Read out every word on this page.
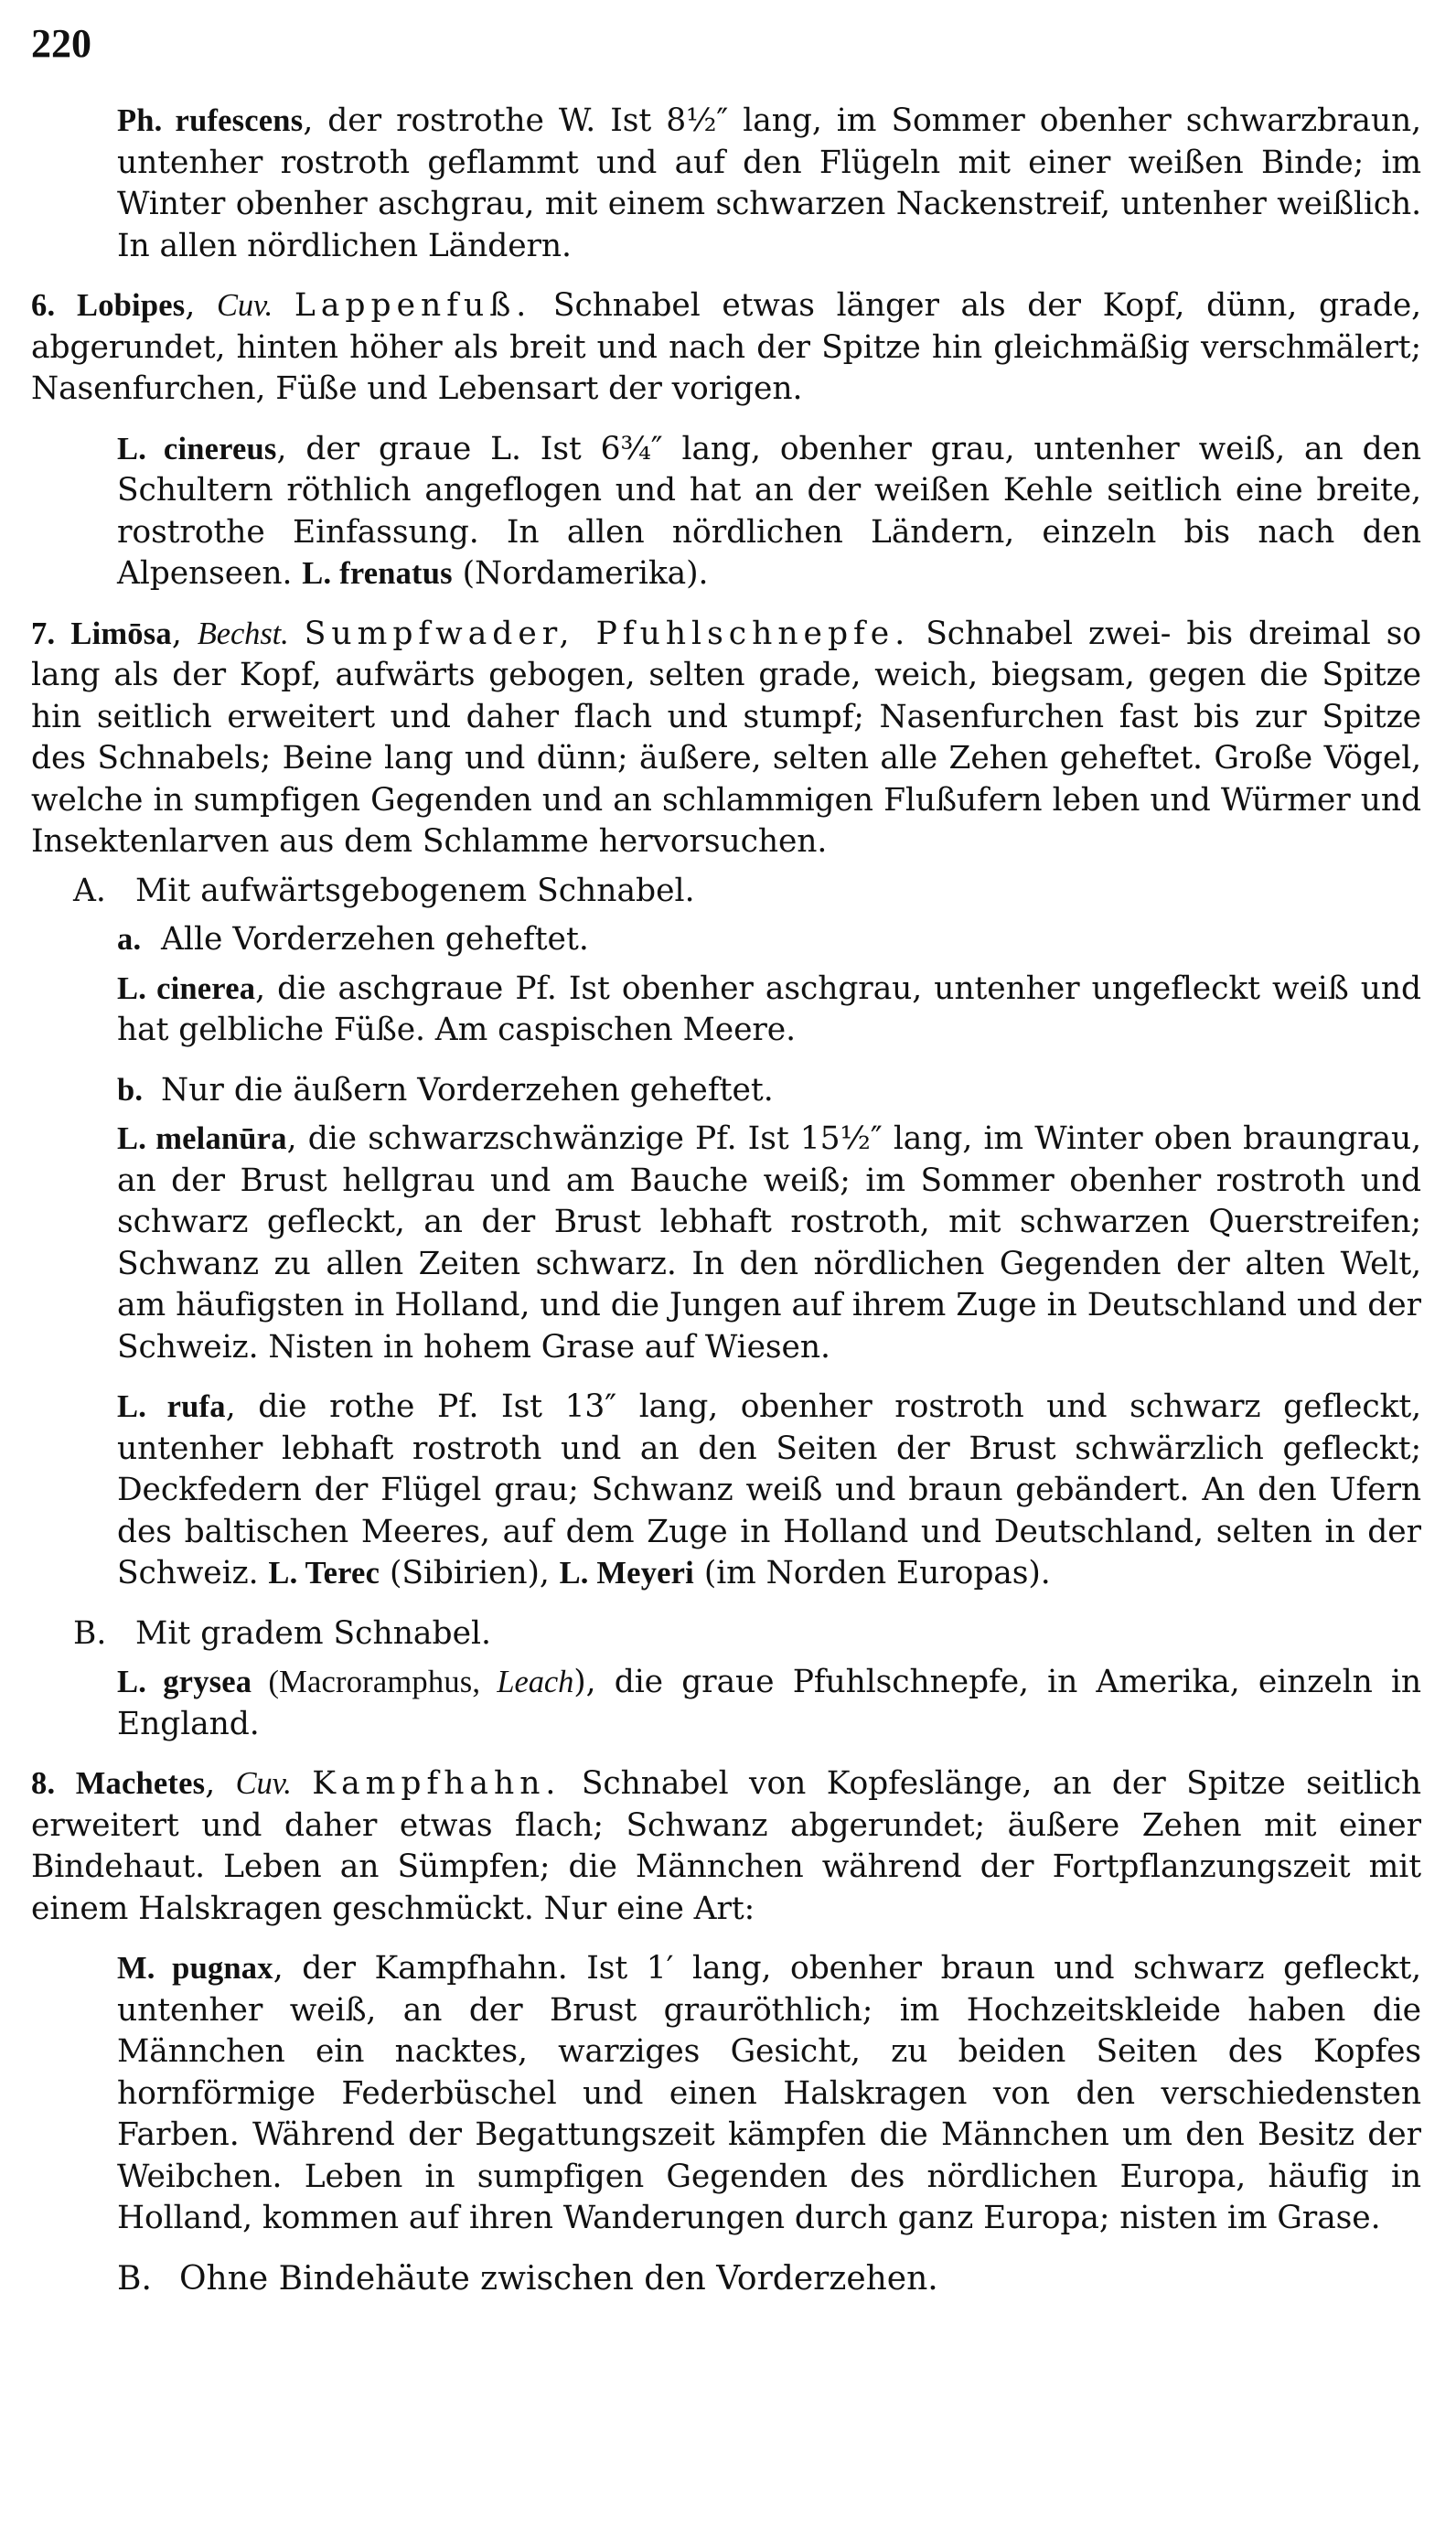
220

Ph. rufescens, der rostrothe W. Ist 8½″ lang, im Sommer obenher schwarzbraun, untenher rostroth geflammt und auf den Flügeln mit einer weißen Binde; im Winter obenher aschgrau, mit einem schwarzen Nackenstreif, untenher weißlich. In allen nördlichen Ländern.

6. Lobipes, Cuv. Lappenfuß. Schnabel etwas länger als der Kopf, dünn, grade, abgerundet, hinten höher als breit und nach der Spitze hin gleichmäßig verschmälert; Nasenfurchen, Füße und Lebensart der vorigen.

L. cinereus, der graue L. Ist 6¾″ lang, obenher grau, untenher weiß, an den Schultern röthlich angeflogen und hat an der weißen Kehle seitlich eine breite, rostrothe Einfassung. In allen nördlichen Ländern, einzeln bis nach den Alpenseen. L. frenatus (Nordamerika).

7. Limōsa, Bechst. Sumpfwader, Pfuhlschnepfe. Schnabel zwei- bis dreimal so lang als der Kopf, aufwärts gebogen, selten grade, weich, biegsam, gegen die Spitze hin seitlich erweitert und daher flach und stumpf; Nasenfurchen fast bis zur Spitze des Schnabels; Beine lang und dünn; äußere, selten alle Zehen geheftet. Große Vögel, welche in sumpfigen Gegenden und an schlammigen Flußufern leben und Würmer und Insektenlarven aus dem Schlamme hervorsuchen.

A. Mit aufwärtsgebogenem Schnabel.
a. Alle Vorderzehen geheftet.

L. cinerea, die aschgraue Pf. Ist obenher aschgrau, untenher ungefleckt weiß und hat gelbliche Füße. Am caspischen Meere.

b. Nur die äußern Vorderzehen geheftet.

L. melanūra, die schwarzschwänzige Pf. Ist 15½″ lang, im Winter oben braungrau, an der Brust hellgrau und am Bauche weiß; im Sommer obenher rostroth und schwarz gefleckt, an der Brust lebhaft rostroth, mit schwarzen Querstreifen; Schwanz zu allen Zeiten schwarz. In den nördlichen Gegenden der alten Welt, am häufigsten in Holland, und die Jungen auf ihrem Zuge in Deutschland und der Schweiz. Nisten in hohem Grase auf Wiesen.

L. rufa, die rothe Pf. Ist 13″ lang, obenher rostroth und schwarz gefleckt, untenher lebhaft rostroth und an den Seiten der Brust schwärzlich gefleckt; Deckfedern der Flügel grau; Schwanz weiß und braun gebändert. An den Ufern des baltischen Meeres, auf dem Zuge in Holland und Deutschland, selten in der Schweiz. L. Terec (Sibirien), L. Meyeri (im Norden Europas).

B. Mit gradem Schnabel.

L. grysea (Macroramphus, Leach), die graue Pfuhlschnepfe, in Amerika, einzeln in England.

8. Machetes, Cuv. Kampfhahn. Schnabel von Kopfeslänge, an der Spitze seitlich erweitert und daher etwas flach; Schwanz abgerundet; äußere Zehen mit einer Bindehaut. Leben an Sümpfen; die Männchen während der Fortpflanzungszeit mit einem Halskragen geschmückt. Nur eine Art:

M. pugnax, der Kampfhahn. Ist 1′ lang, obenher braun und schwarz gefleckt, untenher weiß, an der Brust grauröthlich; im Hochzeitskleide haben die Männchen ein nacktes, warziges Gesicht, zu beiden Seiten des Kopfes hornförmige Federbüschel und einen Halskragen von den verschiedensten Farben. Während der Begattungszeit kämpfen die Männchen um den Besitz der Weibchen. Leben in sumpfigen Gegenden des nördlichen Europa, häufig in Holland, kommen auf ihren Wanderungen durch ganz Europa; nisten im Grase.

B. Ohne Bindehäute zwischen den Vorderzehen.
